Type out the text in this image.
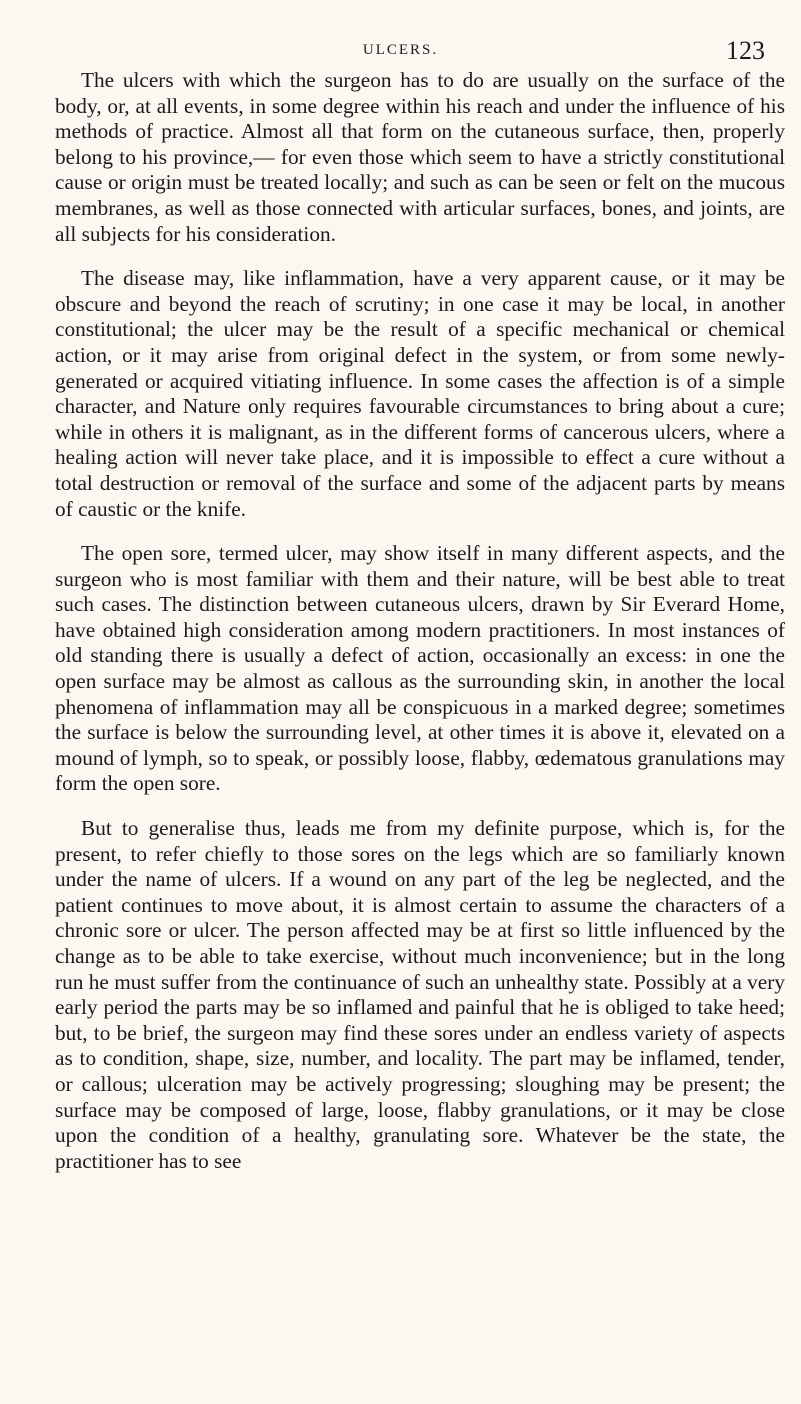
ULCERS.	123

The ulcers with which the surgeon has to do are usually on the surface of the body, or, at all events, in some degree within his reach and under the influence of his methods of practice. Almost all that form on the cutaneous surface, then, properly belong to his province,— for even those which seem to have a strictly constitutional cause or origin must be treated locally; and such as can be seen or felt on the mucous membranes, as well as those connected with articular surfaces, bones, and joints, are all subjects for his consideration.

The disease may, like inflammation, have a very apparent cause, or it may be obscure and beyond the reach of scrutiny; in one case it may be local, in another constitutional; the ulcer may be the result of a specific mechanical or chemical action, or it may arise from original defect in the system, or from some newly-generated or acquired vitiating influence. In some cases the affection is of a simple character, and Nature only requires favourable circumstances to bring about a cure; while in others it is malignant, as in the different forms of cancerous ulcers, where a healing action will never take place, and it is impossible to effect a cure without a total destruction or removal of the surface and some of the adjacent parts by means of caustic or the knife.

The open sore, termed ulcer, may show itself in many different aspects, and the surgeon who is most familiar with them and their nature, will be best able to treat such cases. The distinction between cutaneous ulcers, drawn by Sir Everard Home, have obtained high consideration among modern practitioners. In most instances of old standing there is usually a defect of action, occasionally an excess: in one the open surface may be almost as callous as the surrounding skin, in another the local phenomena of inflammation may all be conspicuous in a marked degree; sometimes the surface is below the surrounding level, at other times it is above it, elevated on a mound of lymph, so to speak, or possibly loose, flabby, œdematous granulations may form the open sore.

But to generalise thus, leads me from my definite purpose, which is, for the present, to refer chiefly to those sores on the legs which are so familiarly known under the name of ulcers. If a wound on any part of the leg be neglected, and the patient continues to move about, it is almost certain to assume the characters of a chronic sore or ulcer. The person affected may be at first so little influenced by the change as to be able to take exercise, without much inconvenience; but in the long run he must suffer from the continuance of such an unhealthy state. Possibly at a very early period the parts may be so inflamed and painful that he is obliged to take heed; but, to be brief, the surgeon may find these sores under an endless variety of aspects as to condition, shape, size, number, and locality. The part may be inflamed, tender, or callous; ulceration may be actively progressing; sloughing may be present; the surface may be composed of large, loose, flabby granulations, or it may be close upon the condition of a healthy, granulating sore. Whatever be the state, the practitioner has to see
